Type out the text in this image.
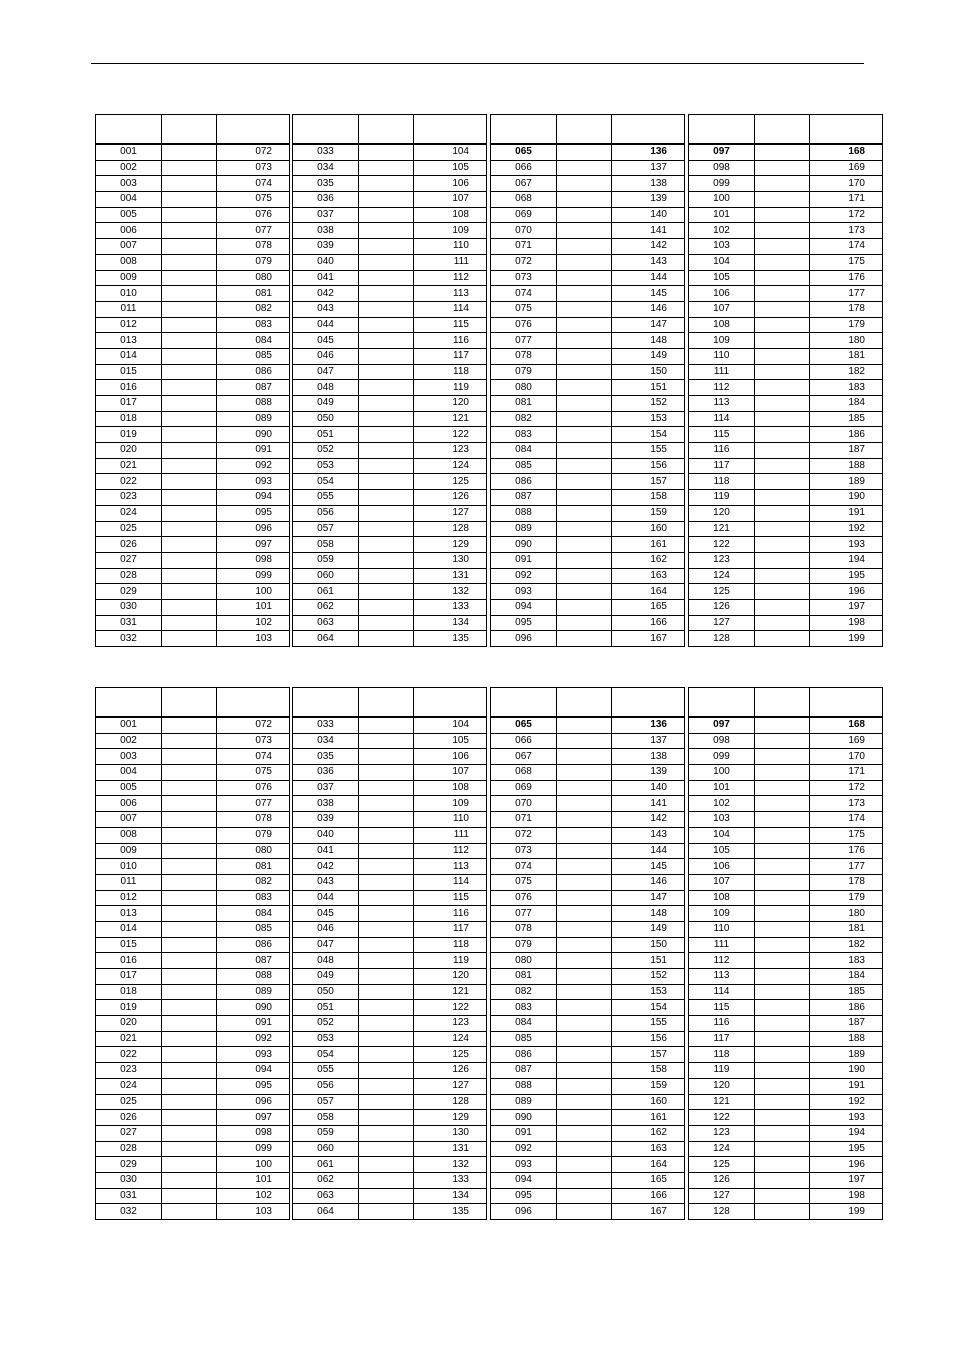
001		072
002		073
003		074
004		075
005		076
006		077
007		078
008		079
009		080
010		081
011		082
012		083
013		084
014		085
015		086
016		087
017		088
018		089
019		090
020		091
021		092
022		093
023		094
024		095
025		096
026		097
027		098
028		099
029		100
030		101
031		102
032		103

033		104
034		105
035		106
036		107
037		108
038		109
039		110
040		111
041		112
042		113
043		114
044		115
045		116
046		117
047		118
048		119
049		120
050		121
051		122
052		123
053		124
054		125
055		126
056		127
057		128
058		129
059		130
060		131
061		132
062		133
063		134
064		135

065		136
066		137
067		138
068		139
069		140
070		141
071		142
072		143
073		144
074		145
075		146
076		147
077		148
078		149
079		150
080		151
081		152
082		153
083		154
084		155
085		156
086		157
087		158
088		159
089		160
090		161
091		162
092		163
093		164
094		165
095		166
096		167

097		168
098		169
099		170
100		171
101		172
102		173
103		174
104		175
105		176
106		177
107		178
108		179
109		180
110		181
111		182
112		183
113		184
114		185
115		186
116		187
117		188
118		189
119		190
120		191
121		192
122		193
123		194
124		195
125		196
126		197
127		198
128		199

001		072
002		073
003		074
004		075
005		076
006		077
007		078
008		079
009		080
010		081
011		082
012		083
013		084
014		085
015		086
016		087
017		088
018		089
019		090
020		091
021		092
022		093
023		094
024		095
025		096
026		097
027		098
028		099
029		100
030		101
031		102
032		103

033		104
034		105
035		106
036		107
037		108
038		109
039		110
040		111
041		112
042		113
043		114
044		115
045		116
046		117
047		118
048		119
049		120
050		121
051		122
052		123
053		124
054		125
055		126
056		127
057		128
058		129
059		130
060		131
061		132
062		133
063		134
064		135

065		136
066		137
067		138
068		139
069		140
070		141
071		142
072		143
073		144
074		145
075		146
076		147
077		148
078		149
079		150
080		151
081		152
082		153
083		154
084		155
085		156
086		157
087		158
088		159
089		160
090		161
091		162
092		163
093		164
094		165
095		166
096		167

097		168
098		169
099		170
100		171
101		172
102		173
103		174
104		175
105		176
106		177
107		178
108		179
109		180
110		181
111		182
112		183
113		184
114		185
115		186
116		187
117		188
118		189
119		190
120		191
121		192
122		193
123		194
124		195
125		196
126		197
127		198
128		199
